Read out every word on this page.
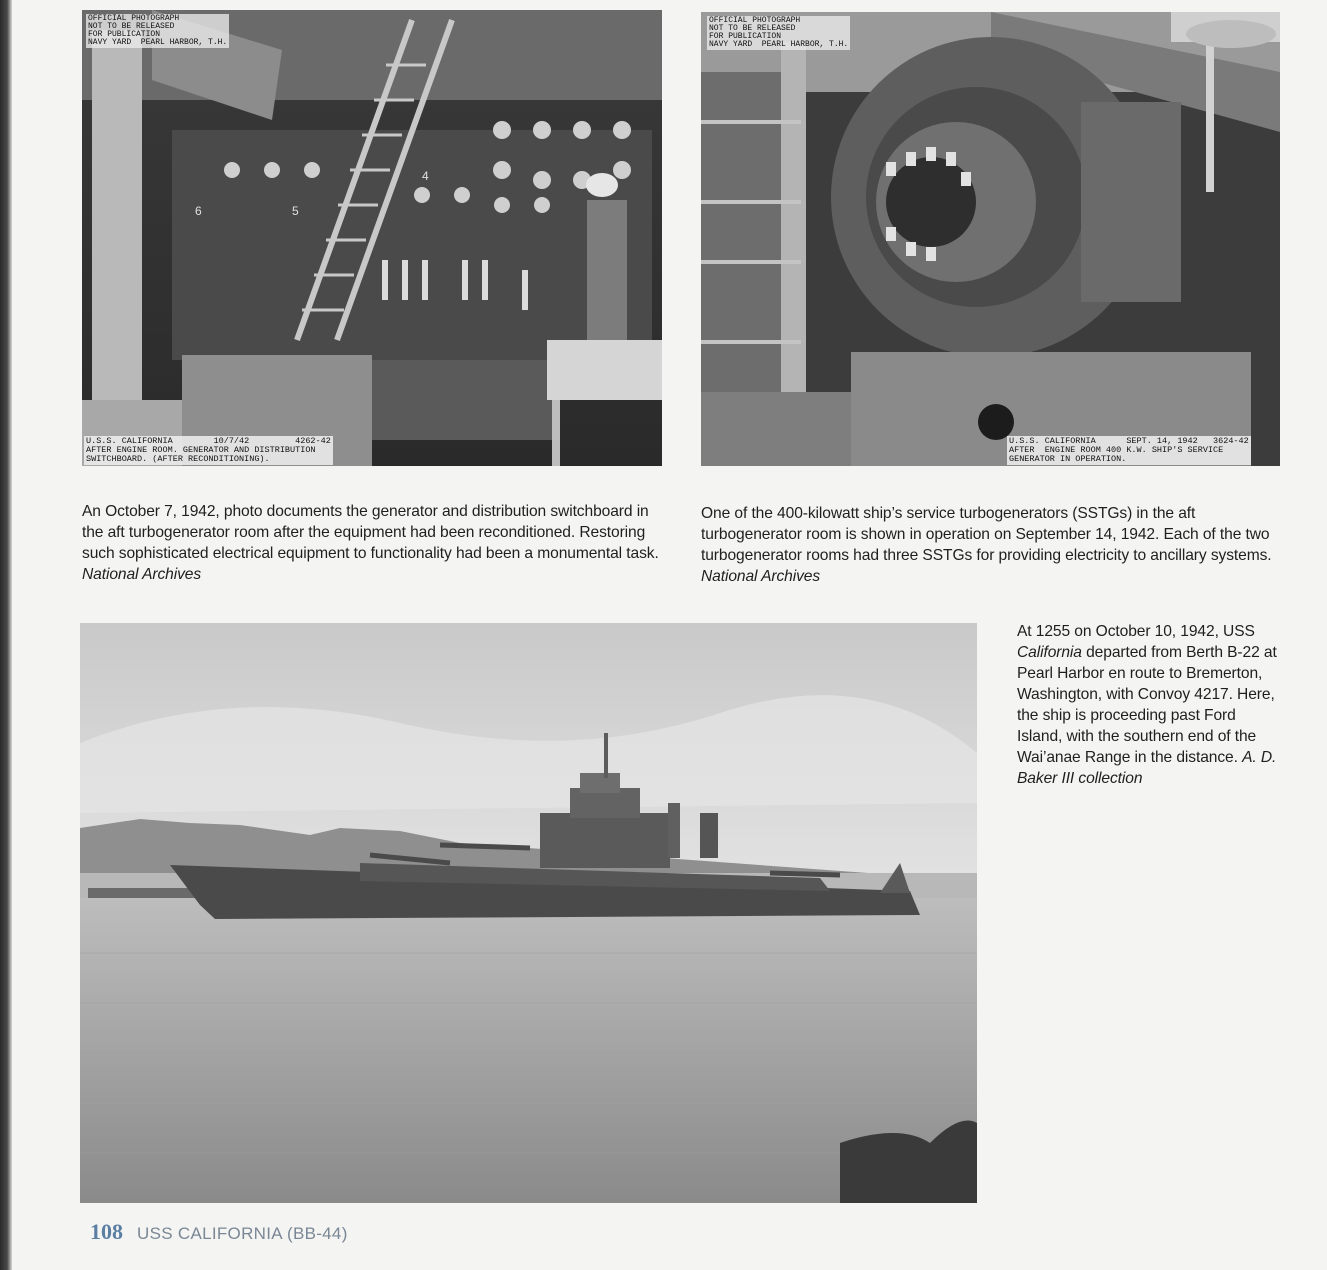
6	5
4
OFFICIAL PHOTOGRAPH
NOT TO BE RELEASED
FOR PUBLICATION
NAVY YARD  PEARL HARBOR, T.H.
U.S.S. CALIFORNIA        10/7/42         4262-42
AFTER ENGINE ROOM. GENERATOR AND DISTRIBUTION
SWITCHBOARD. (AFTER RECONDITIONING).
OFFICIAL PHOTOGRAPH
NOT TO BE RELEASED
FOR PUBLICATION
NAVY YARD  PEARL HARBOR, T.H.
U.S.S. CALIFORNIA      SEPT. 14, 1942   3624-42
AFTER  ENGINE ROOM 400 K.W. SHIP'S SERVICE
GENERATOR IN OPERATION.
An October 7, 1942, photo documents the generator and distribution switchboard in the aft turbogenerator room after the equipment had been reconditioned. Restoring such sophisticated electrical equipment to functionality had been a monumental task. National Archives
One of the 400-kilowatt ship’s service turbogenerators (SSTGs) in the aft turbogenerator room is shown in operation on September 14, 1942. Each of the two turbogenerator rooms had three SSTGs for providing electricity to ancillary systems. National Archives
At 1255 on October 10, 1942, USS California departed from Berth B-22 at Pearl Harbor en route to Bremerton, Washington, with Convoy 4217. Here, the ship is proceeding past Ford Island, with the southern end of the Wai’anae Range in the distance. A. D. Baker III collection
108 USS CALIFORNIA (BB-44)
